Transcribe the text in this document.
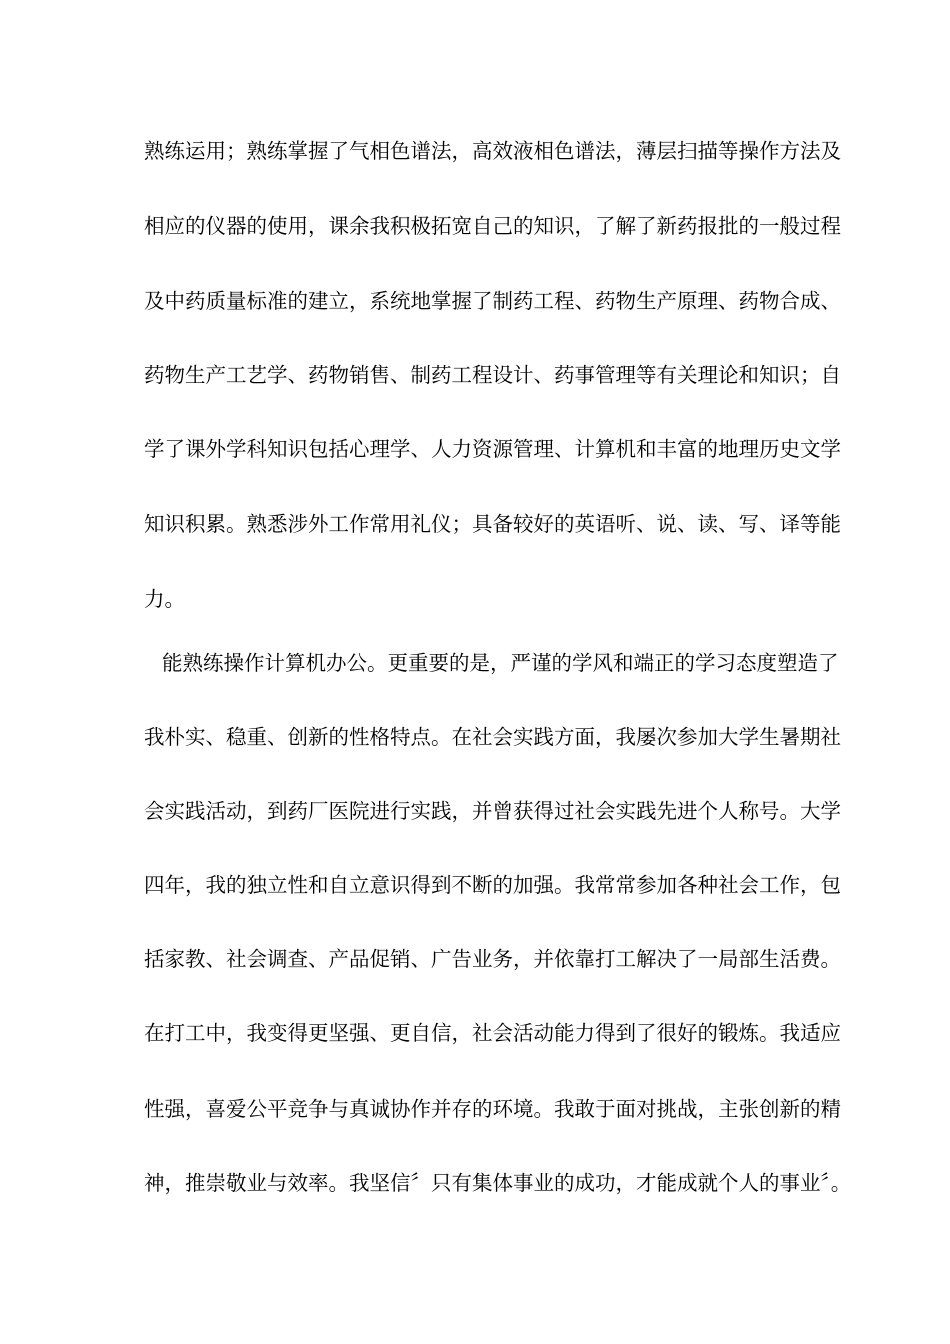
熟练运用；熟练掌握了气相色谱法，高效液相色谱法，薄层扫描等操作方法及
相应的仪器的使用，课余我积极拓宽自己的知识，了解了新药报批的一般过程
及中药质量标准的建立，系统地掌握了制药工程、药物生产原理、药物合成、
药物生产工艺学、药物销售、制药工程设计、药事管理等有关理论和知识；自
学了课外学科知识包括心理学、人力资源管理、计算机和丰富的地理历史文学
知识积累。熟悉涉外工作常用礼仪；具备较好的英语听、说、读、写、译等能
力。
能熟练操作计算机办公。更重要的是，严谨的学风和端正的学习态度塑造了
我朴实、稳重、创新的性格特点。在社会实践方面，我屡次参加大学生暑期社
会实践活动，到药厂医院进行实践，并曾获得过社会实践先进个人称号。大学
四年，我的独立性和自立意识得到不断的加强。我常常参加各种社会工作，包
括家教、社会调查、产品促销、广告业务，并依靠打工解决了一局部生活费。
在打工中，我变得更坚强、更自信，社会活动能力得到了很好的锻炼。我适应
性强，喜爱公平竞争与真诚协作并存的环境。我敢于面对挑战，主张创新的精
神，推崇敬业与效率。我坚信〞只有集体事业的成功，才能成就个人的事业〞。
